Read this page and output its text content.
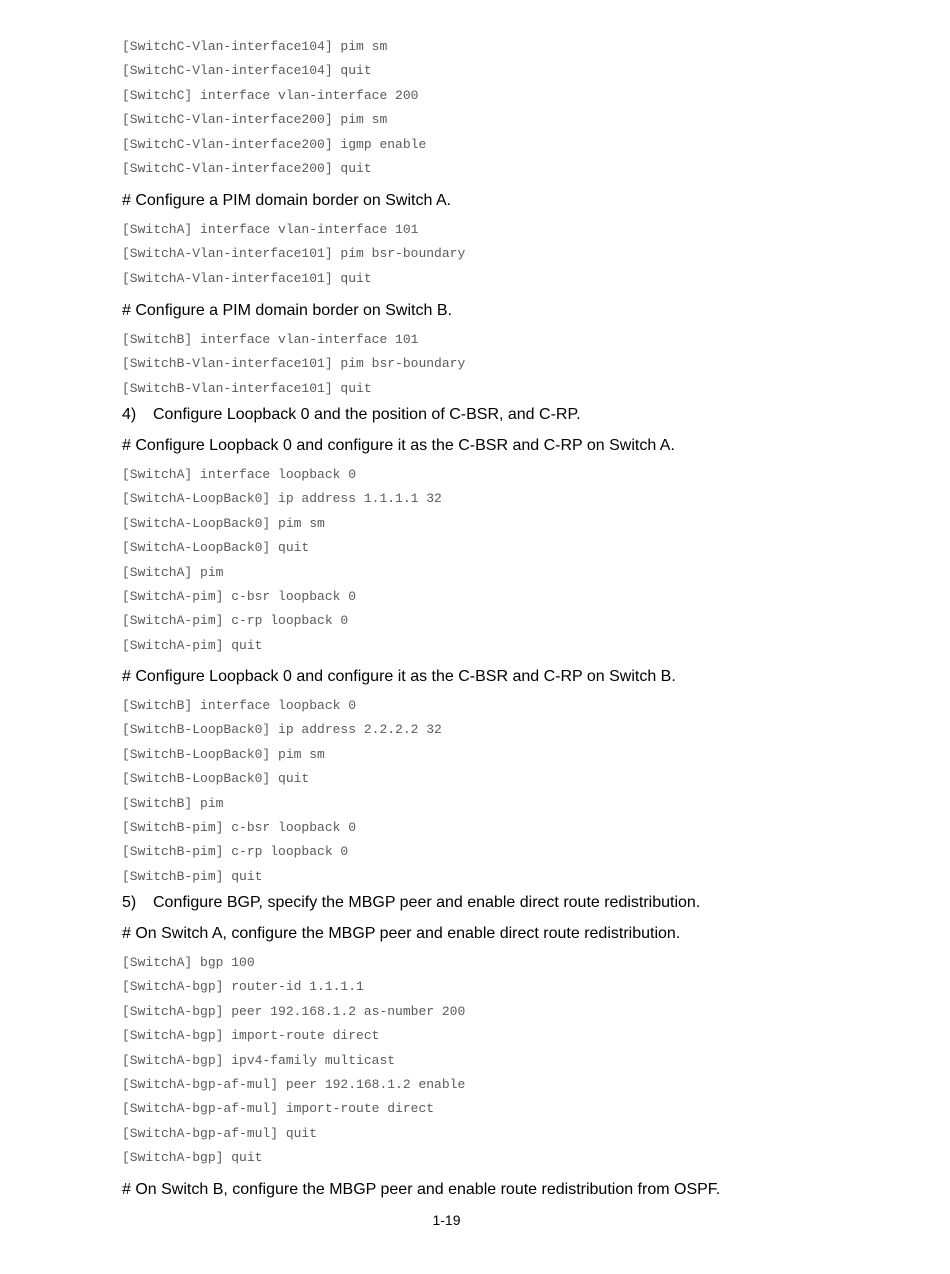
[SwitchC-Vlan-interface104] pim sm
[SwitchC-Vlan-interface104] quit
[SwitchC] interface vlan-interface 200
[SwitchC-Vlan-interface200] pim sm
[SwitchC-Vlan-interface200] igmp enable
[SwitchC-Vlan-interface200] quit

# Configure a PIM domain border on Switch A.

[SwitchA] interface vlan-interface 101
[SwitchA-Vlan-interface101] pim bsr-boundary
[SwitchA-Vlan-interface101] quit

# Configure a PIM domain border on Switch B.

[SwitchB] interface vlan-interface 101
[SwitchB-Vlan-interface101] pim bsr-boundary
[SwitchB-Vlan-interface101] quit
4) Configure Loopback 0 and the position of C-BSR, and C-RP.

# Configure Loopback 0 and configure it as the C-BSR and C-RP on Switch A.

[SwitchA] interface loopback 0
[SwitchA-LoopBack0] ip address 1.1.1.1 32
[SwitchA-LoopBack0] pim sm
[SwitchA-LoopBack0] quit
[SwitchA] pim
[SwitchA-pim] c-bsr loopback 0
[SwitchA-pim] c-rp loopback 0
[SwitchA-pim] quit

# Configure Loopback 0 and configure it as the C-BSR and C-RP on Switch B.

[SwitchB] interface loopback 0
[SwitchB-LoopBack0] ip address 2.2.2.2 32
[SwitchB-LoopBack0] pim sm
[SwitchB-LoopBack0] quit
[SwitchB] pim
[SwitchB-pim] c-bsr loopback 0
[SwitchB-pim] c-rp loopback 0
[SwitchB-pim] quit
5) Configure BGP, specify the MBGP peer and enable direct route redistribution.

# On Switch A, configure the MBGP peer and enable direct route redistribution.

[SwitchA] bgp 100
[SwitchA-bgp] router-id 1.1.1.1
[SwitchA-bgp] peer 192.168.1.2 as-number 200
[SwitchA-bgp] import-route direct
[SwitchA-bgp] ipv4-family multicast
[SwitchA-bgp-af-mul] peer 192.168.1.2 enable
[SwitchA-bgp-af-mul] import-route direct
[SwitchA-bgp-af-mul] quit
[SwitchA-bgp] quit

# On Switch B, configure the MBGP peer and enable route redistribution from OSPF.

1-19
